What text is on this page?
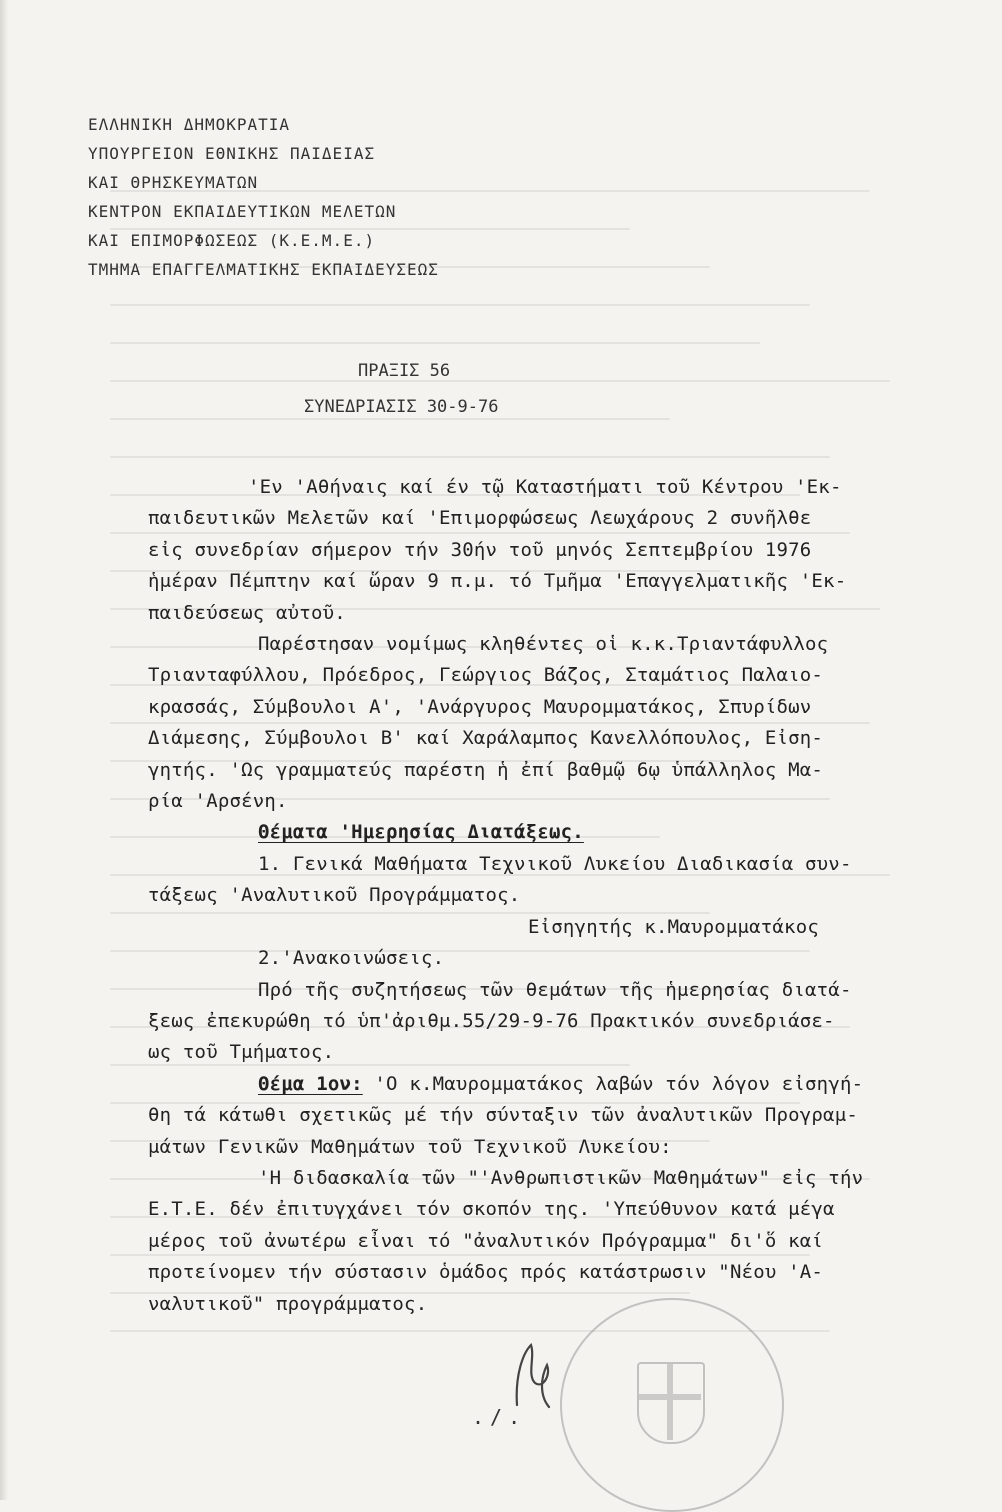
ΕΛΛΗΝΙΚΗ ΔΗΜΟΚΡΑΤΙΑ
ΥΠΟΥΡΓΕΙΟΝ ΕΘΝΙΚΗΣ ΠΑΙΔΕΙΑΣ
ΚΑΙ ΘΡΗΣΚΕΥΜΑΤΩΝ
ΚΕΝΤΡΟΝ ΕΚΠΑΙΔΕΥΤΙΚΩΝ ΜΕΛΕΤΩΝ
ΚΑΙ ΕΠΙΜΟΡΦΩΣΕΩΣ (Κ.Ε.Μ.Ε.)
ΤΜΗΜΑ ΕΠΑΓΓΕΛΜΑΤΙΚΗΣ ΕΚΠΑΙΔΕΥΣΕΩΣ
ΠΡΑΞΙΣ 56
ΣΥΝΕΔΡΙΑΣΙΣ 30-9-76

'Εν 'Αθήναις καί έν τῷ Καταστήματι τοῦ Κέντρου 'Εκ-

παιδευτικῶν Μελετῶν καί 'Επιμορφώσεως Λεωχάρους 2 συνῆλθε

εἰς συνεδρίαν σήμερον τήν 30ήν τοῦ μηνός Σεπτεμβρίου 1976

ἡμέραν Πέμπτην καί ὥραν 9 π.μ. τό Τμῆμα 'Επαγγελματικῆς 'Εκ-

παιδεύσεως αὐτοῦ.

Παρέστησαν νομίμως κληθέντες οἱ κ.κ.Τριαντάφυλλος

Τριανταφύλλου, Πρόεδρος, Γεώργιος Βάζος, Σταμάτιος Παλαιο-

κρασσάς, Σύμβουλοι Α', 'Ανάργυρος Μαυρομματάκος, Σπυρίδων

Διάμεσης, Σύμβουλοι Β' καί Χαράλαμπος Κανελλόπουλος, Εἰση-

γητής. 'Ως γραμματεύς παρέστη ἡ ἐπί βαθμῷ 6ῳ ὑπάλληλος Μα-

ρία 'Αρσένη.

Θέματα 'Ημερησίας Διατάξεως.

1. Γενικά Μαθήματα Τεχνικοῦ Λυκείου Διαδικασία συν-

τάξεως 'Αναλυτικοῦ Προγράμματος.

Εἰσηγητής κ.Μαυρομματάκος

2.'Ανακοινώσεις.

Πρό τῆς συζητήσεως τῶν θεμάτων τῆς ἡμερησίας διατά-

ξεως ἐπεκυρώθη τό ὑπ'ἀριθμ.55/29-9-76 Πρακτικόν συνεδριάσε-

ως τοῦ Τμήματος.

Θέμα 1ον: 'Ο κ.Μαυρομματάκος λαβών τόν λόγον εἰσηγή-

θη τά κάτωθι σχετικῶς μέ τήν σύνταξιν τῶν ἀναλυτικῶν Προγραμ-

μάτων Γενικῶν Μαθημάτων τοῦ Τεχνικοῦ Λυκείου:

'Η διδασκαλία τῶν "'Ανθρωπιστικῶν Μαθημάτων" εἰς τήν

Ε.Τ.Ε. δέν ἐπιτυγχάνει τόν σκοπόν της. 'Υπεύθυνον κατά μέγα

μέρος τοῦ ἀνωτέρω εἶναι τό "ἀναλυτικόν Πρόγραμμα" δι'ὅ καί

προτείνομεν τήν σύστασιν ὁμάδος πρός κατάστρωσιν "Νέου 'Α-

ναλυτικοῦ" προγράμματος.

./.
